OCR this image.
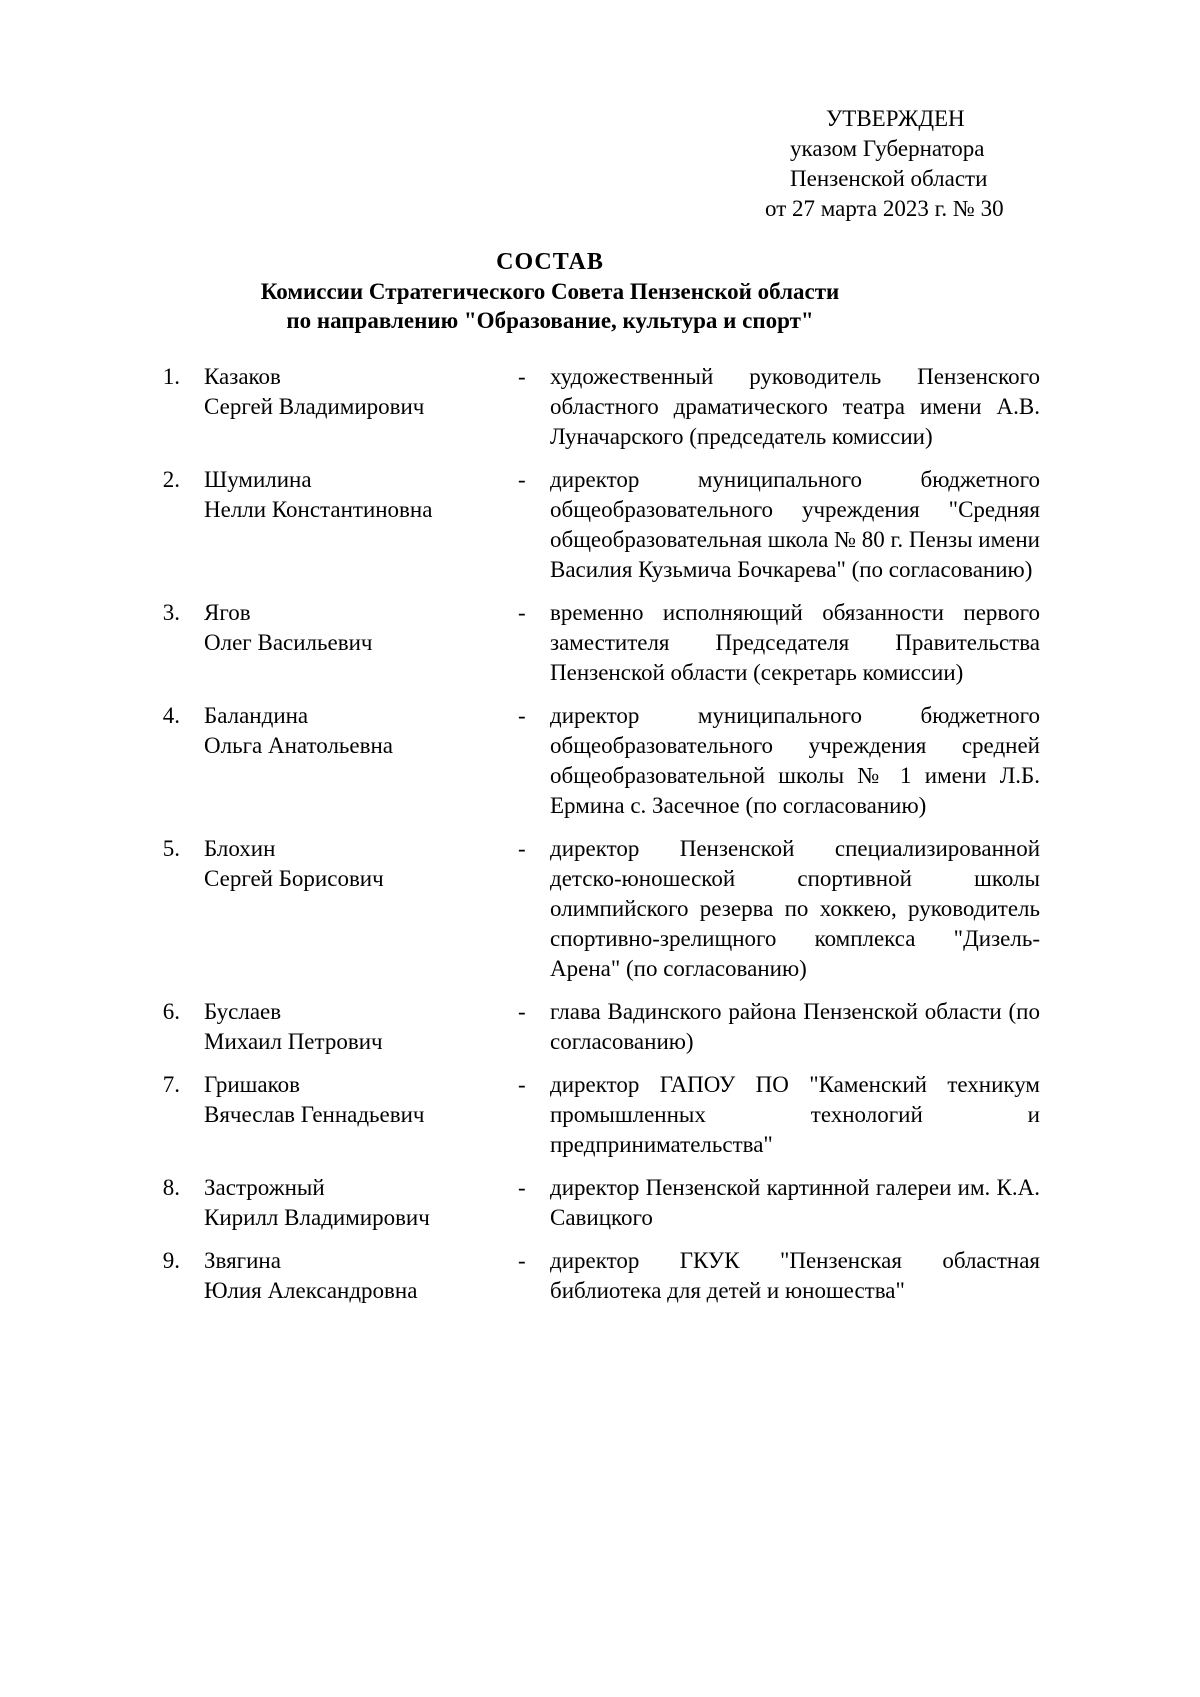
УТВЕРЖДЕН
указом Губернатора
Пензенской области
от 27 марта 2023 г. № 30
СОСТАВ
Комиссии Стратегического Совета Пензенской области
по направлению "Образование, культура и спорт"
1. Казаков
Сергей Владимирович
-	художественный руководитель Пензенского областного драматического театра имени А.В. Луначарского (председатель комиссии)
2. Шумилина
Нелли Константиновна
-	директор муниципального бюджетного общеобразовательного учреждения "Средняя общеобразовательная школа № 80 г. Пензы имени Василия Кузьмича Бочкарева" (по согласованию)
3. Ягов
Олег Васильевич
-	временно исполняющий обязанности первого заместителя Председателя Правительства Пензенской области (секретарь комиссии)
4. Баландина
Ольга Анатольевна
-	директор муниципального бюджетного общеобразовательного учреждения средней общеобразовательной школы № 1 имени Л.Б. Ермина с. Засечное (по согласованию)
5. Блохин
Сергей Борисович
-	директор Пензенской специализированной детско-юношеской спортивной школы олимпийского резерва по хоккею, руководитель спортивно-зрелищного комплекса "Дизель-Арена" (по согласованию)
6. Буслаев
Михаил Петрович
-	глава Вадинского района Пензенской области (по согласованию)
7. Гришаков
Вячеслав Геннадьевич
-	директор ГАПОУ ПО "Каменский техникум промышленных технологий и предпринимательства"
8. Застрожный
Кирилл Владимирович
-	директор Пензенской картинной галереи им. К.А. Савицкого
9. Звягина
Юлия Александровна
-	директор ГКУК "Пензенская областная библиотека для детей и юношества"
